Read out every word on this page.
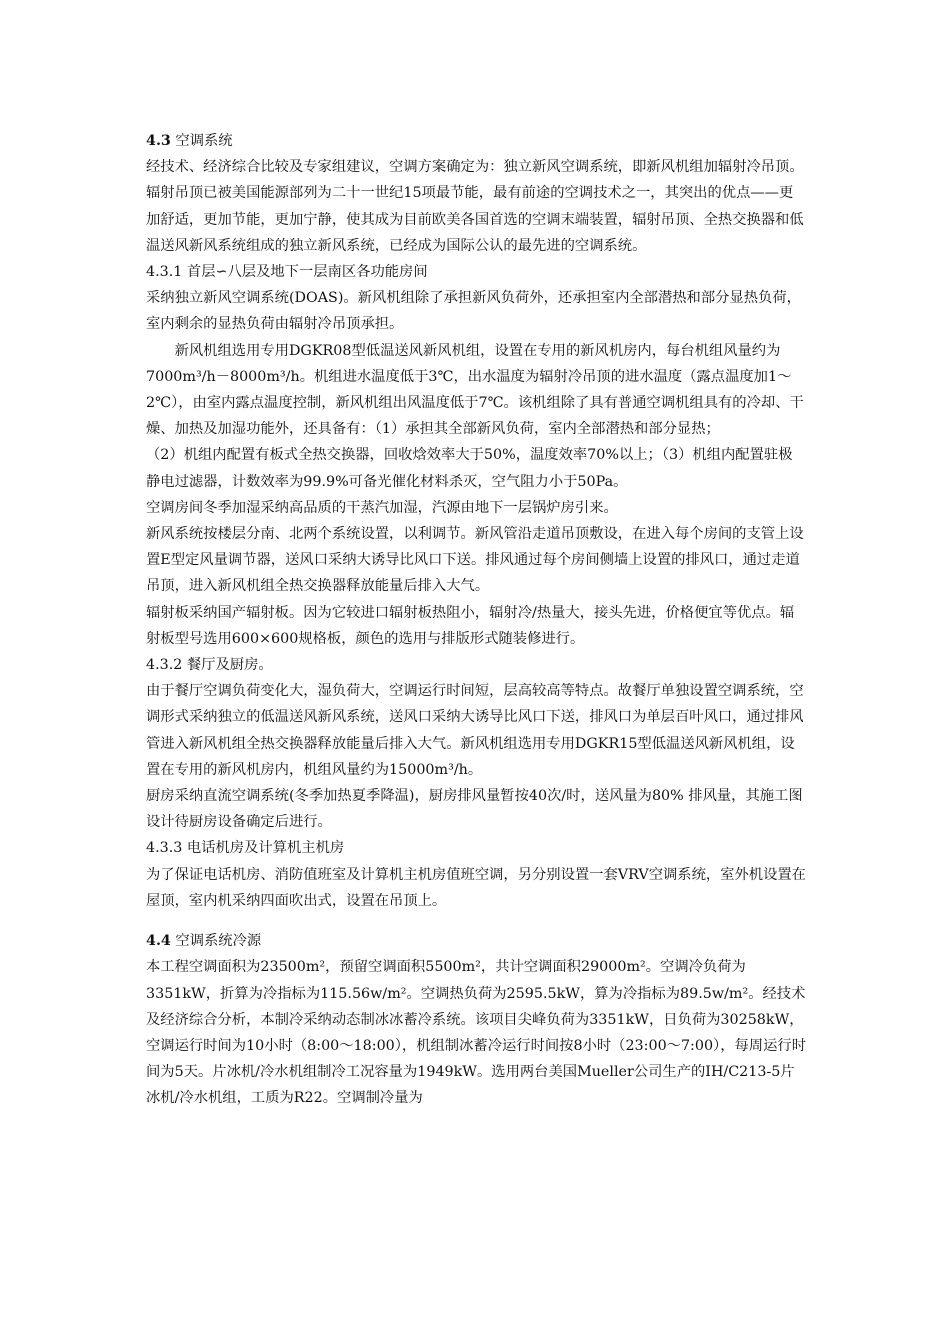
4.3 空调系统

经技术、经济综合比较及专家组建议，空调方案确定为：独立新风空调系统，即新风机组加辐射冷吊顶。辐射吊顶已被美国能源部列为二十一世纪15项最节能，最有前途的空调技术之一，其突出的优点——更加舒适，更加节能，更加宁静，使其成为目前欧美各国首选的空调末端装置，辐射吊顶、全热交换器和低温送风新风系统组成的独立新风系统，已经成为国际公认的最先进的空调系统。

4.3.1 首层∽八层及地下一层南区各功能房间

采纳独立新风空调系统(DOAS)。新风机组除了承担新风负荷外，还承担室内全部潜热和部分显热负荷，室内剩余的显热负荷由辐射冷吊顶承担。

新风机组选用专用DGKR08型低温送风新风机组，设置在专用的新风机房内，每台机组风量约为7000m³/h－8000m³/h。机组进水温度低于3℃，出水温度为辐射冷吊顶的进水温度（露点温度加1～2℃），由室内露点温度控制，新风机组出风温度低于7℃。该机组除了具有普通空调机组具有的冷却、干燥、加热及加湿功能外，还具备有：（1）承担其全部新风负荷，室内全部潜热和部分显热；

（2）机组内配置有板式全热交换器，回收焓效率大于50%，温度效率70%以上；（3）机组内配置驻极静电过滤器，计数效率为99.9%可备光催化材料杀灭，空气阻力小于50Pa。

空调房间冬季加湿采纳高品质的干蒸汽加湿，汽源由地下一层锅炉房引来。

新风系统按楼层分南、北两个系统设置，以利调节。新风管沿走道吊顶敷设，在进入每个房间的支管上设置E型定风量调节器，送风口采纳大诱导比风口下送。排风通过每个房间侧墙上设置的排风口，通过走道吊顶，进入新风机组全热交换器释放能量后排入大气。

辐射板采纳国产辐射板。因为它较进口辐射板热阻小，辐射冷/热量大，接头先进，价格便宜等优点。辐射板型号选用600×600规格板，颜色的选用与排版形式随装修进行。

4.3.2 餐厅及厨房。

由于餐厅空调负荷变化大，湿负荷大，空调运行时间短，层高较高等特点。故餐厅单独设置空调系统，空调形式采纳独立的低温送风新风系统，送风口采纳大诱导比风口下送，排风口为单层百叶风口，通过排风管进入新风机组全热交换器释放能量后排入大气。新风机组选用专用DGKR15型低温送风新风机组，设置在专用的新风机房内，机组风量约为15000m³/h。

厨房采纳直流空调系统(冬季加热夏季降温)，厨房排风量暂按40次/时，送风量为80% 排风量，其施工图设计待厨房设备确定后进行。

4.3.3 电话机房及计算机主机房

为了保证电话机房、消防值班室及计算机主机房值班空调，另分别设置一套VRV空调系统，室外机设置在屋顶，室内机采纳四面吹出式，设置在吊顶上。

4.4 空调系统冷源

本工程空调面积为23500m²，预留空调面积5500m²，共计空调面积29000m²。空调冷负荷为3351kW，折算为冷指标为115.56w/m²。空调热负荷为2595.5kW，算为冷指标为89.5w/m²。经技术及经济综合分析，本制冷采纳动态制冰冰蓄冷系统。该项目尖峰负荷为3351kW，日负荷为30258kW，空调运行时间为10小时（8:00～18:00），机组制冰蓄冷运行时间按8小时（23:00～7:00），每周运行时间为5天。片冰机/冷水机组制冷工况容量为1949kW。选用两台美国Mueller公司生产的IH/C213-5片冰机/冷水机组，工质为R22。空调制冷量为
